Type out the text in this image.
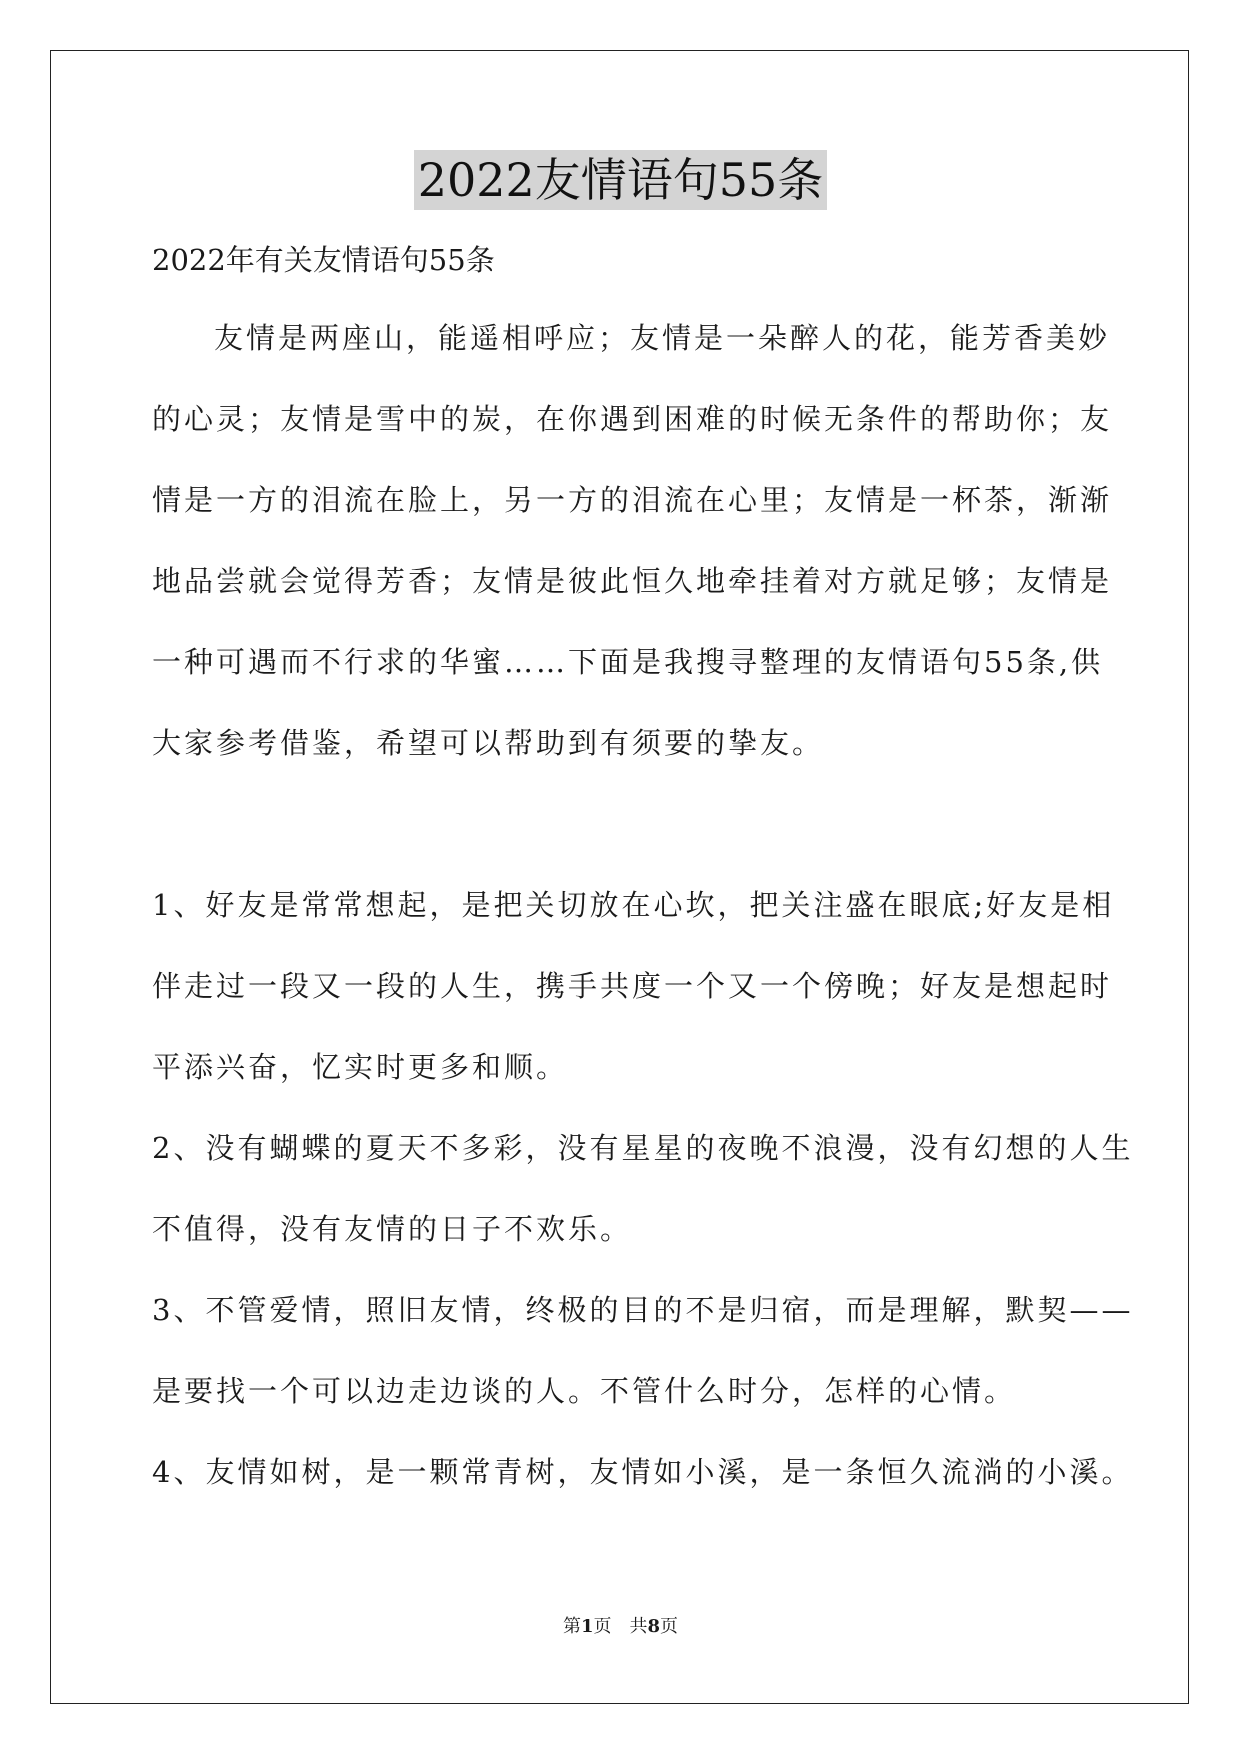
2022友情语句55条
2022年有关友情语句55条
友情是两座山，能遥相呼应；友情是一朵醉人的花，能芳香美妙
的心灵；友情是雪中的炭，在你遇到困难的时候无条件的帮助你；友
情是一方的泪流在脸上，另一方的泪流在心里；友情是一杯茶，渐渐
地品尝就会觉得芳香；友情是彼此恒久地牵挂着对方就足够；友情是
一种可遇而不行求的华蜜……下面是我搜寻整理的友情语句55条,供
大家参考借鉴，希望可以帮助到有须要的挚友。
1、好友是常常想起，是把关切放在心坎，把关注盛在眼底;好友是相
伴走过一段又一段的人生，携手共度一个又一个傍晚；好友是想起时
平添兴奋，忆实时更多和顺。
2、没有蝴蝶的夏天不多彩，没有星星的夜晚不浪漫，没有幻想的人生
不值得，没有友情的日子不欢乐。
3、不管爱情，照旧友情，终极的目的不是归宿，而是理解，默契——
是要找一个可以边走边谈的人。不管什么时分，怎样的心情。
4、友情如树，是一颗常青树，友情如小溪，是一条恒久流淌的小溪。
第1页　共8页
